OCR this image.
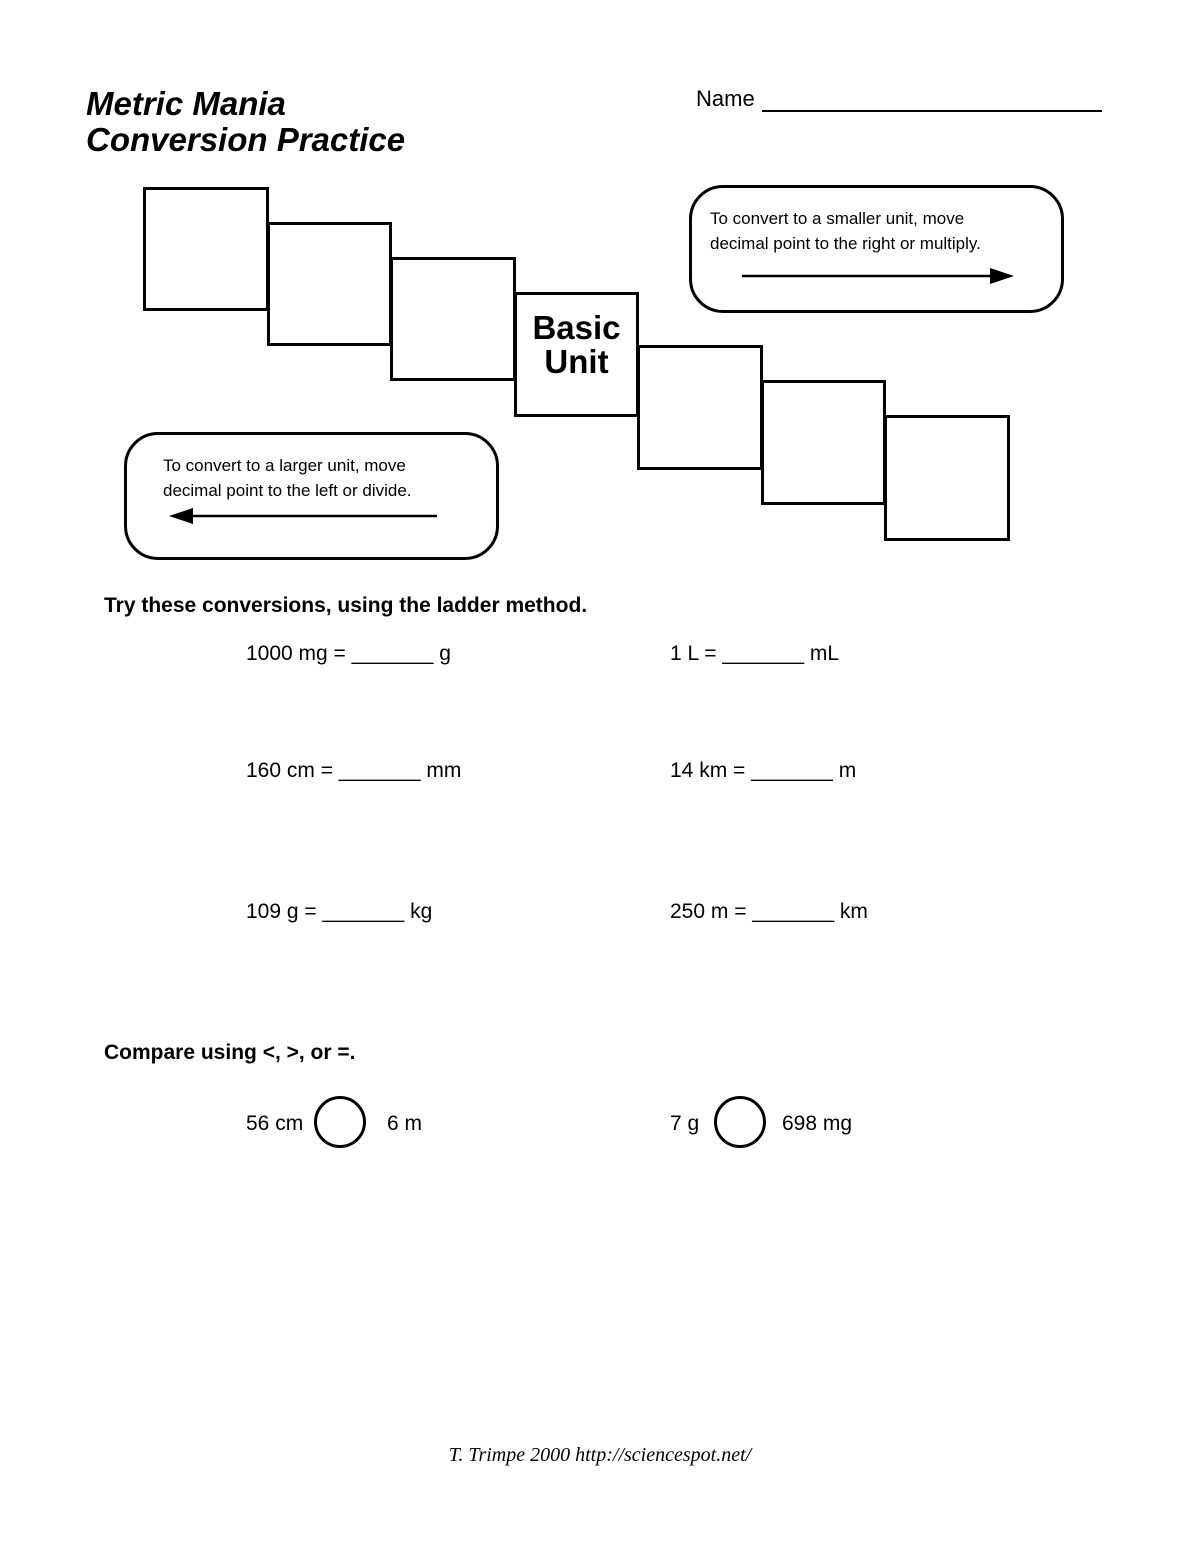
Metric Mania
Conversion Practice
Name
Basic
Unit
To convert to a smaller unit, move
decimal point to the right or multiply.
To convert to a larger unit, move
decimal point to the left or divide.
Try these conversions, using the ladder method.
1000 mg = _______ g	1 L = _______ mL
160 cm = _______ mm	14 km = _______ m
109 g = _______ kg	250 m = _______ km
Compare using <, >, or =.
56 cm	6 m	7 g	698 mg
T. Trimpe 2000 http://sciencespot.net/
